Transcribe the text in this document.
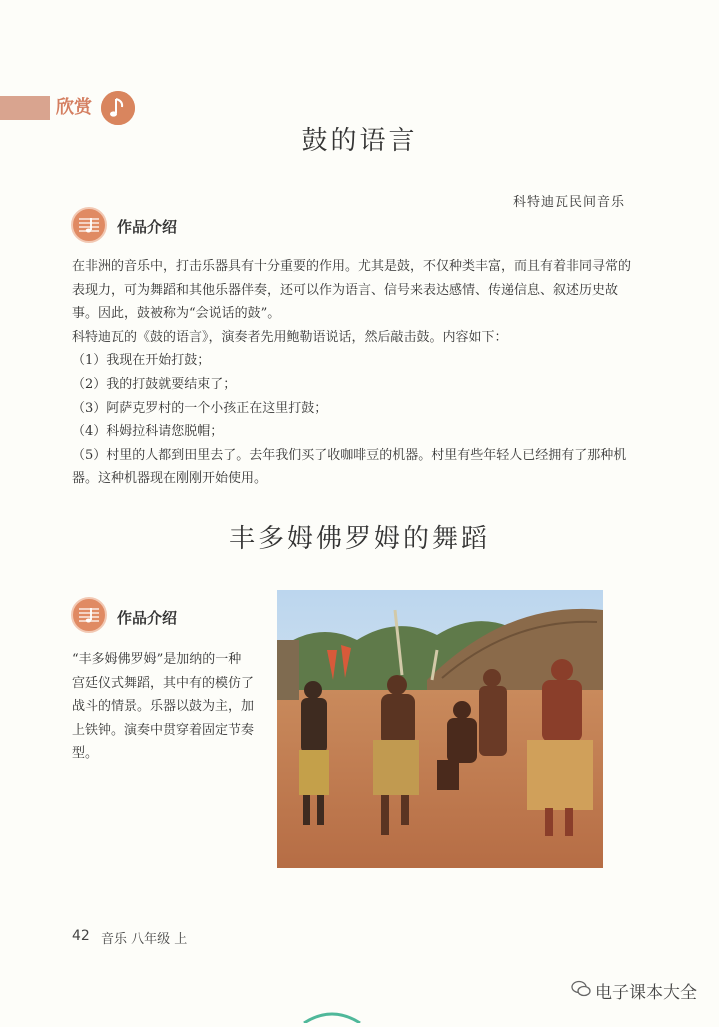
欣赏
鼓的语言
科特迪瓦民间音乐
作品介绍

在非洲的音乐中，打击乐器具有十分重要的作用。尤其是鼓，不仅种类丰富，而且有着非同寻常的表现力，可为舞蹈和其他乐器伴奏，还可以作为语言、信号来表达感情、传递信息、叙述历史故事。因此，鼓被称为“会说话的鼓”。

科特迪瓦的《鼓的语言》，演奏者先用鲍勒语说话，然后敲击鼓。内容如下：

（1）我现在开始打鼓；

（2）我的打鼓就要结束了；

（3）阿萨克罗村的一个小孩正在这里打鼓；

（4）科姆拉科请您脱帽；

（5）村里的人都到田里去了。去年我们买了收咖啡豆的机器。村里有些年轻人已经拥有了那种机器。这种机器现在刚刚开始使用。

丰多姆佛罗姆的舞蹈
作品介绍
“丰多姆佛罗姆”是加纳的一种宫廷仪式舞蹈，其中有的模仿了战斗的情景。乐器以鼓为主，加上铁钟。演奏中贯穿着固定节奏型。
42 音乐 八年级 上
电子课本大全
